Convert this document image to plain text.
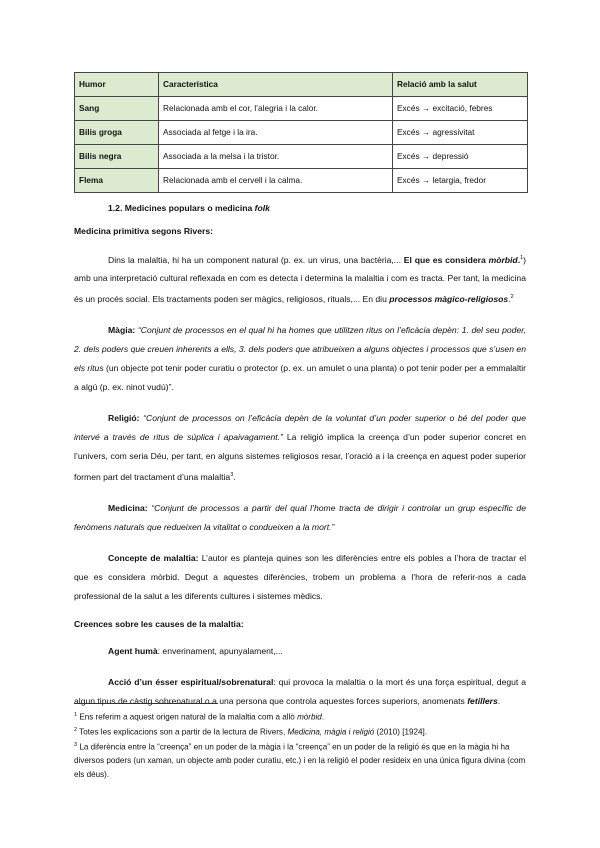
Humor	Característica	Relació amb la salut
Sang	Relacionada amb el cor, l’alegria i la calor.	Excés → excitació, febres
Bilis groga	Associada al fetge i la ira.	Excés → agressivitat
Bilis negra	Associada a la melsa i la tristor.	Excés → depressió
Flema	Relacionada amb el cervell i la calma.	Excés → letargia, fredor
1.2. Medicines populars o medicina folk
Medicina primitiva segons Rivers:

Dins la malaltia, hi ha un component natural (p. ex. un virus, una bactèria,... El que es considera mòrbid.$^1$) amb una interpretació cultural reflexada en com es detecta i determina la malaltia i com es tracta. Per tant, la medicina és un procés social. Els tractaments poden ser màgics, religiosos, rituals,... En diu processos màgico-religiosos.$^2$

Màgia: “Conjunt de processos en el qual hi ha homes que utilitzen ritus on l’eficàcia depèn: 1. del seu poder, 2. dels poders que creuen inherents a ells, 3. dels poders que atribueixen a alguns objectes i processos que s’usen en els ritus (un objecte pot tenir poder curatiu o protector (p. ex. un amulet o una planta) o pot tenir poder per a emmalaltir a algú (p. ex. ninot vudú)”.

Religió: “Conjunt de processos on l’eficàcia depèn de la voluntat d’un poder superior o bé del poder que intervé a través de ritus de súplica i apaivagament.” La religió implica la creença d’un poder superior concret en l’univers, com seria Déu, per tant, en alguns sistemes religiosos resar, l’oració a i la creença en aquest poder superior formen part del tractament d’una malaltia$^3$.

Medicina: “Conjunt de processos a partir del qual l’home tracta de dirigir i controlar un grup específic de fenòmens naturals que redueixen la vitalitat o condueixen a la mort.”

Concepte de malaltia: L’autor es planteja quines son les diferències entre els pobles a l’hora de tractar el que es considera mòrbid. Degut a aquestes diferències, trobem un problema a l’hora de referir-nos a cada professional de la salut a les diferents cultures i sistemes mèdics.

Creences sobre les causes de la malaltia:

Agent humà: enverinament, apunyalament,...

Acció d’un ésser espiritual/sobrenatural: qui provoca la malaltia o la mort és una força espiritual, degut a algun tipus de càstig sobrenatural o a una persona que controla aquestes forces superiors, anomenats fetillers.

$^1$ Ens referim a aquest origen natural de la malaltia com a allò mòrbid.

$^2$ Totes les explicacions son a partir de la lectura de Rivers, Medicina, màgia i religió (2010) [1924].

$^3$ La diferència entre la “creença” en un poder de la màgia i la “creença” en un poder de la religió és que en la màgia hi ha diversos poders (un xaman, un objecte amb poder curatiu, etc.) i en la religió el poder resideix en una única figura divina (com els déus).
